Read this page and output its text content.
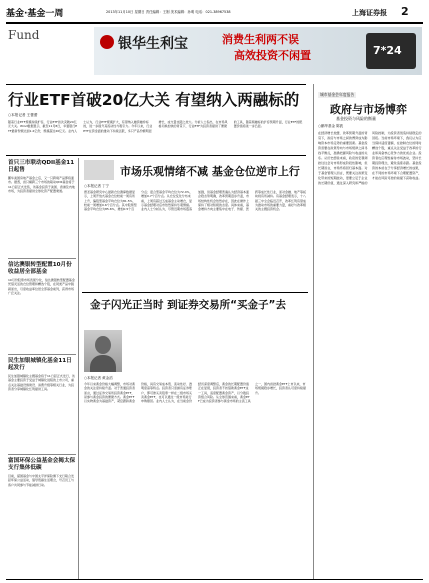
基金·基金一周	2013年11月10日 星期日 责任编辑：王刚 美术编辑：孙明 电话：021-38967538	上海证券报 2
Fund
银华生利宝	消费生利两不误
高效投资不闲置	7*24
行业ETF首破20亿大关 有望纳入两融标的
○本报记者 王蕾蕾
随着行业ETF规模持续扩容，行业ETF首次突破20亿元大关。Wind数据显示，截至11月8日，华夏银行ETF最新份额达到1.2亿份，规模超过20亿元。业内人士认为，行业ETF规模扩大，有望纳入融资融券标的，进一步提升其流动性与吸引力。今年以来，行业ETF在资金面的推动下持续活跃，多只产品份额明显增长，成交量也随之放大。分析人士指出，在市场风格切换加快的背景下，行业ETF为投资者提供了便捷的工具，随着两融标的扩容预期升温，行业ETF的配置价值将进一步凸显。
城市基金会年度报告
政府与市场博弈
基金投资与风险的衡量
○鹏华基金 陈波
在经济增长放缓、改革预期升温的背景下，政府与市场之间的博弈成为影响资本市场走势的重要因素。基金投资需要在政策导向与市场规律之间寻找平衡点，准确把握风险与收益的关系。从历史经验来看，政府的宏观调控往往会对市场形成阶段性影响，但长期而言，市场终将回归基本面。对于基金管理人而言，既要关注政策变化带来的短期波动，更要立足于企业的长期价值，通过深入研究和严格的风险控制，为投资者创造持续稳定的回报。当前市场环境下，我们认为应当保持适度谨慎，在控制仓位的同时精选个股，重点关注受益于改革的行业和具备核心竞争力的优质企业。投资者也应理性看待市场波动，坚持长期投资理念，避免追涨杀跌。基金投资的本质在于分享经济增长的成果，在不同的市场环境下合理配置资产，才能在风险可控的前提下获取收益。
首只三市联动QDII基金11日起售
鹏华美国房地产基金之后，又一只跨境产品即将面市。据悉，首只横跨三个市场的联动QDII基金将于11日起正式发售，该基金投资于美国、香港及内地市场，为投资者提供全球化资产配置渠道。
信达澳银转型配置10月份收益居全部基金
10月份股票市场表现分化，信达澳银转型配置基金凭借灵活的仓位管理和精选个股，在同类产品中脱颖而出，月度收益率位居全部基金前列，获得市场广泛关注。
民生加银城镇化基金11日起发行
民生加银城镇化主题基金将于11日起正式发行，该基金主要投资于受益于城镇化进程的上市公司，重点关注基础设施建设、消费升级等相关行业，为投资者分享城镇化红利提供工具。
富国环保公益基金会揭太保支行集体低碳
目前，富国基金与中国太平洋保险旗下支行联合发起环保公益活动，倡导低碳生活理念，号召员工与客户共同参与节能减排行动。
市场乐观情绪不减 基金仓位逆市上行
○本报记者 丁宁
德圣基金研究中心最新仓位测算数据显示，上周开放式基金仓位较前一周有所上升，偏股型基金平均仓位为81.5%，较前一周增加0.6个百分点。其中股票型基金平均仓位为85.6%，增加0.5个百分点；混合型基金平均仓位为72.4%，增加0.7个百分点。从仓位变化分布来看，上周有超过五成基金主动增仓，显示基金经理对后市依然保持乐观情绪。业内人士分析认为，尽管近期市场震荡加剧，但基金经理普遍认为经济基本面企稳态势明确，改革预期逐步升温，市场结构性机会依然存在，因此在操作上保持了相对积极的态度。具体来看，基金增持方向主要集中在电子、传媒、医药等成长性行业，而对金融、地产等板块则有所减持。有基金经理表示，十八届三中全会临近召开，改革红利有望成为推动市场的重要力量，看好与改革相关的主题投资机会。
金子闪光正当时 到证券交易所“买金子”去
○本报记者 黄金滔
今年以来黄金价格大幅调整，市场对黄金的关注度持续升温。对于普通投资者而言，通过证券交易所投资黄金ETF，是参与黄金投资的便捷方式。黄金ETF以实物黄金为基础资产，紧密跟踪黄金价格，具有交易成本低、流动性好、透明度高等特点。投资者只需拥有证券账户，即可像买卖股票一样在二级市场买卖黄金ETF，也可以通过一级市场进行申购赎回。业内人士认为，在当前金价经历深度调整后，黄金的长期配置价值正在显现，投资者不妨借助黄金ETF这一工具，适度配置黄金资产，以分散投资组合风险。从全球范围来看，黄金ETF已成为投资者参与黄金市场的主流工具之一，国内首批黄金ETF上市以来，市场规模稳步增长，投资者认可度持续提升。
